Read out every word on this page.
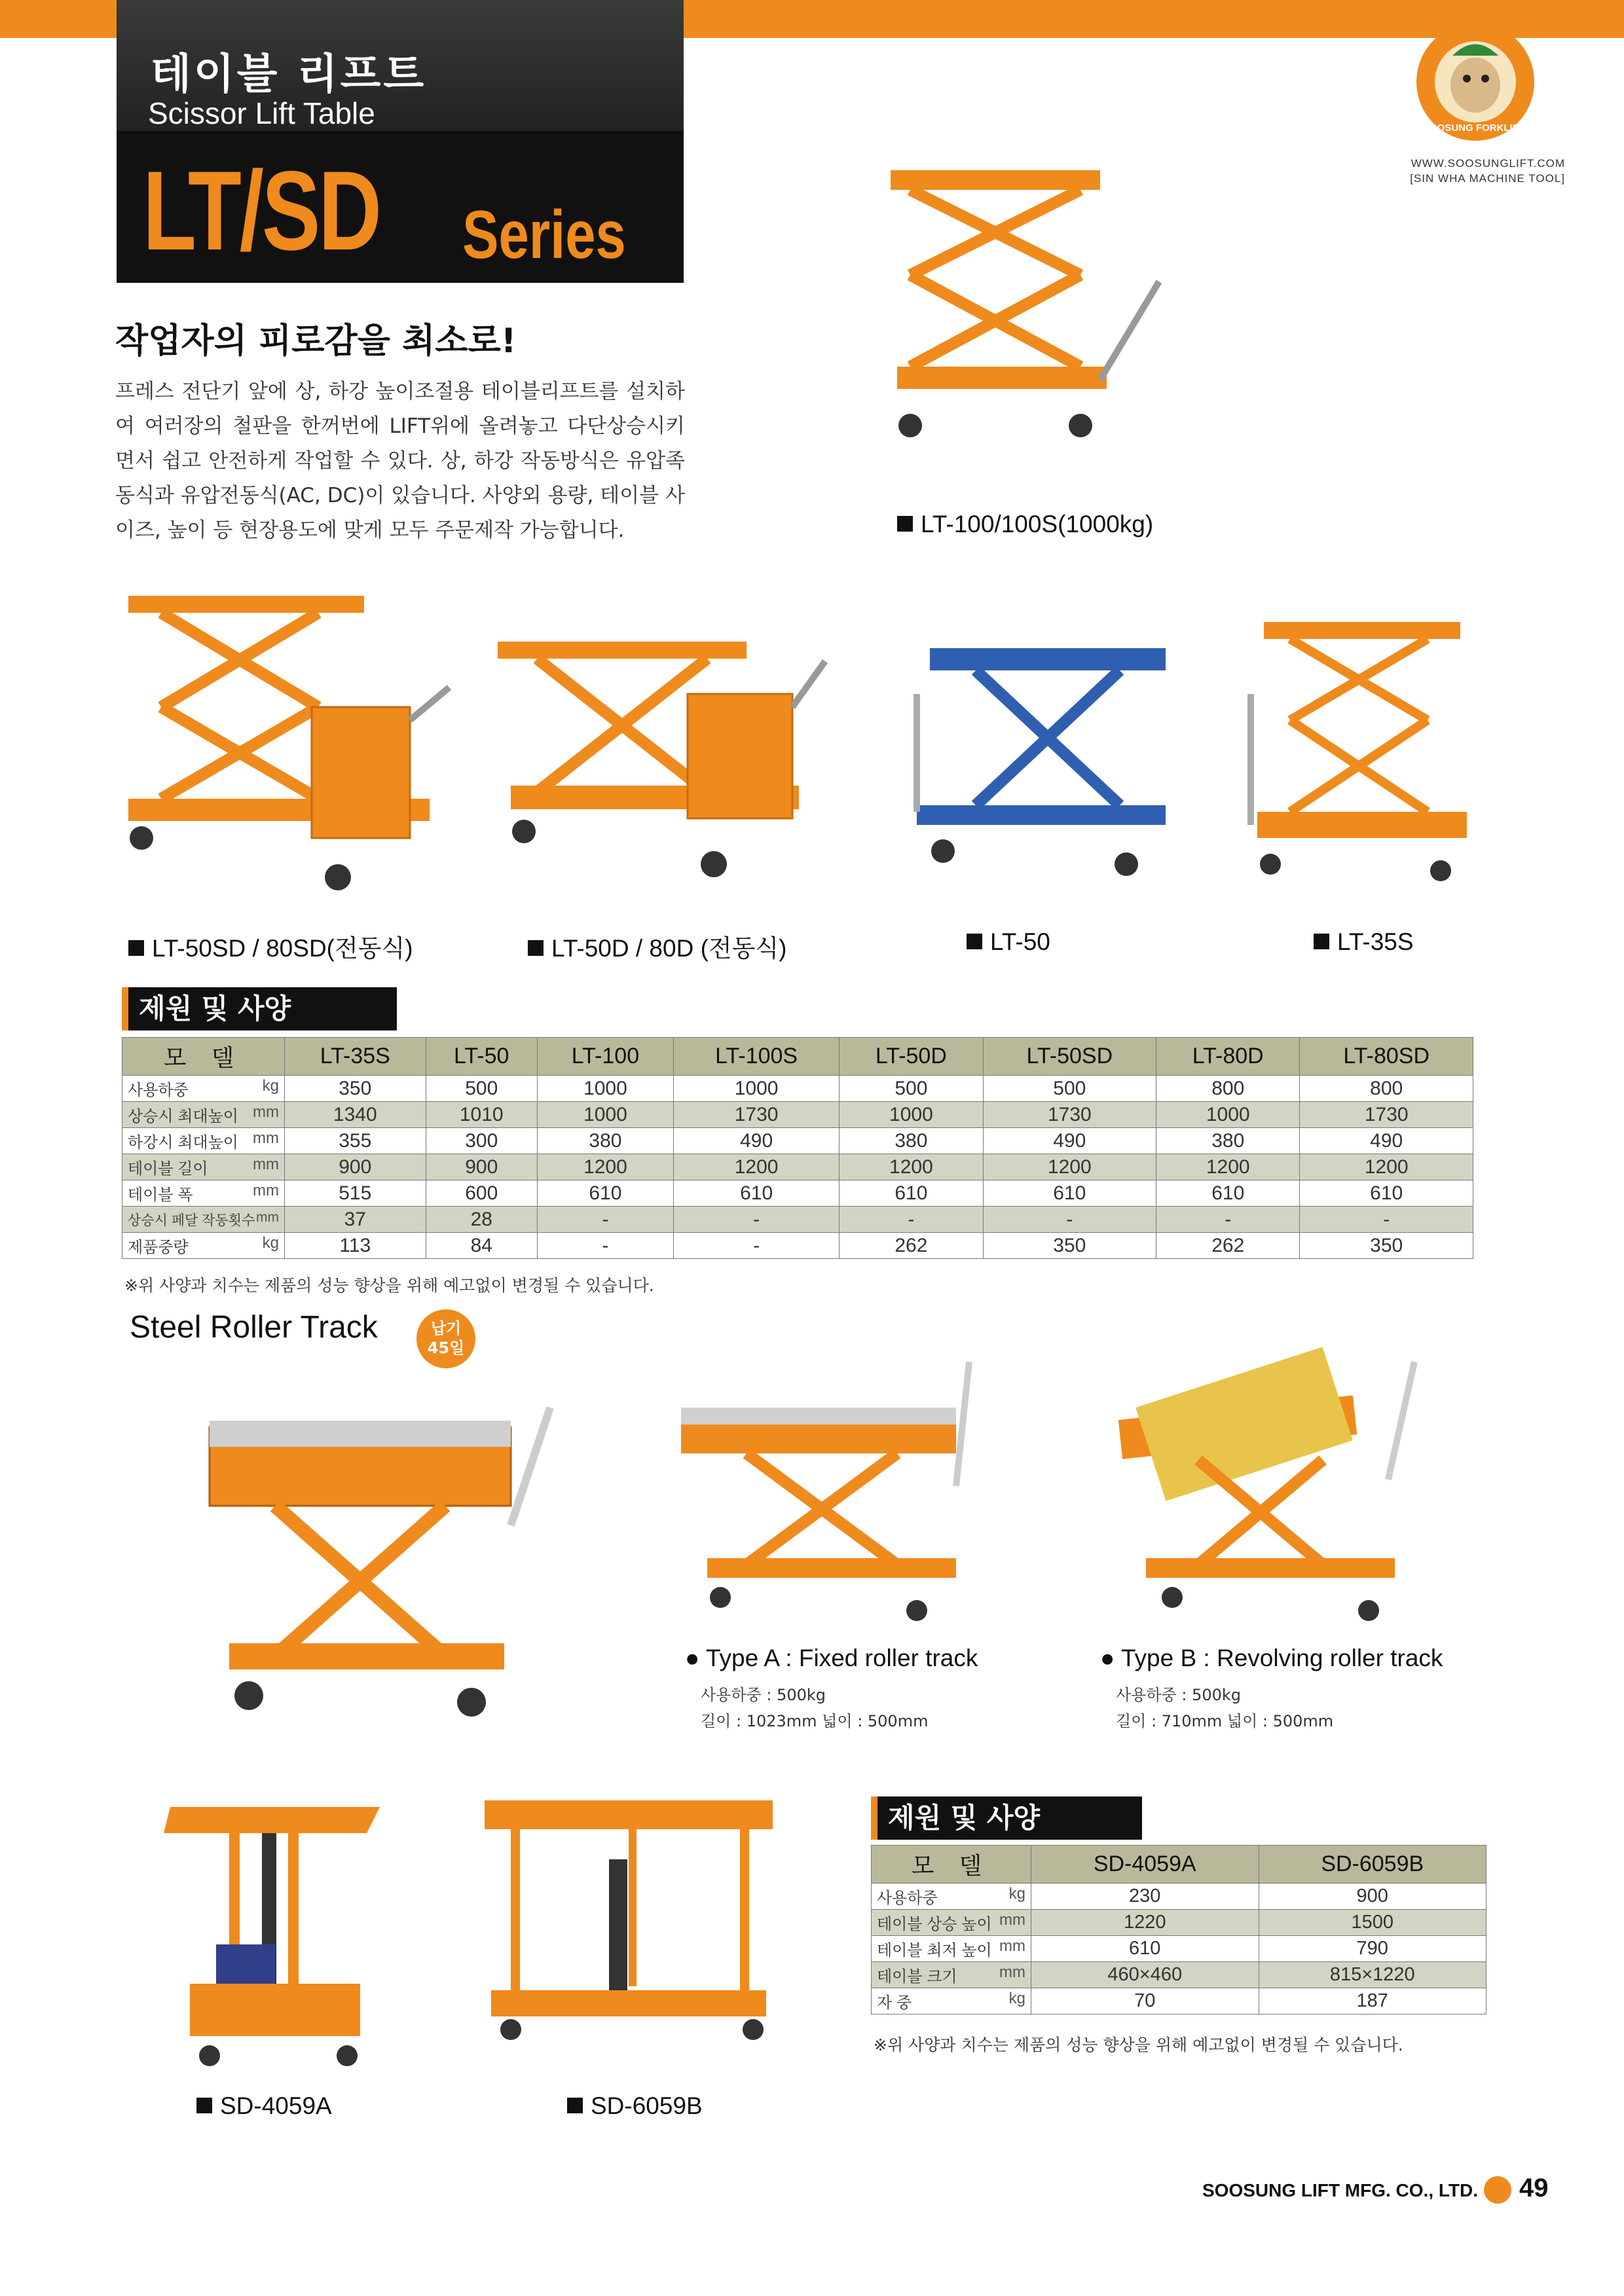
테이블 리프트
Scissor Lift Table
LT/SD Series
SOOSUNG FORKLIFT
WWW.SOOSUNGLIFT.COM
[SIN WHA MACHINE TOOL]
작업자의 피로감을 최소로!
프레스 전단기 앞에 상, 하강 높이조절용 테이블리프트를 설치하여 여러장의 철판을 한꺼번에 LIFT위에 올려놓고 다단상승시키면서 쉽고 안전하게 작업할 수 있다. 상, 하강 작동방식은 유압족동식과 유압전동식(AC, DC)이 있습니다. 사양외 용량, 테이블 사이즈, 높이 등 현장용도에 맞게 모두 주문제작 가능합니다.	LT-100/100S(1000kg)
LT-50SD / 80SD(전동식)	LT-50D / 80D (전동식)	LT-50	LT-35S
제원 및 사양
모 델	LT-35S	LT-50	LT-100	LT-100S	LT-50D	LT-50SD	LT-80D	LT-80SD
사용하중 kg	350	500	1000	1000	500	500	800	800
상승시 최대높이 mm	1340	1010	1000	1730	1000	1730	1000	1730
하강시 최대높이 mm	355	300	380	490	380	490	380	490
테이블 길이 mm	900	900	1200	1200	1200	1200	1200	1200
테이블 폭 mm	515	600	610	610	610	610	610	610
상승시 페달 작동횟수 mm	37	28	-	-	-	-	-	-
제품중량 kg	113	84	-	-	262	350	262	350
※위 사양과 치수는 제품의 성능 향상을 위해 예고없이 변경될 수 있습니다.
Steel Roller Track	납기
45일
● Type A : Fixed roller track
사용하중 : 500kg
길이 : 1023mm 넓이 : 500mm
● Type B : Revolving roller track
사용하중 : 500kg
길이 : 710mm 넓이 : 500mm
SD-4059A	SD-6059B
제원 및 사양
모 델	SD-4059A	SD-6059B
사용하중 kg	230	900
테이블 상승 높이 mm	1220	1500
테이블 최저 높이 mm	610	790
테이블 크기 mm	460×460	815×1220
자 중 kg	70	187
※위 사양과 치수는 제품의 성능 향상을 위해 예고없이 변경될 수 있습니다.
SOOSUNG LIFT MFG. CO., LTD. 49
